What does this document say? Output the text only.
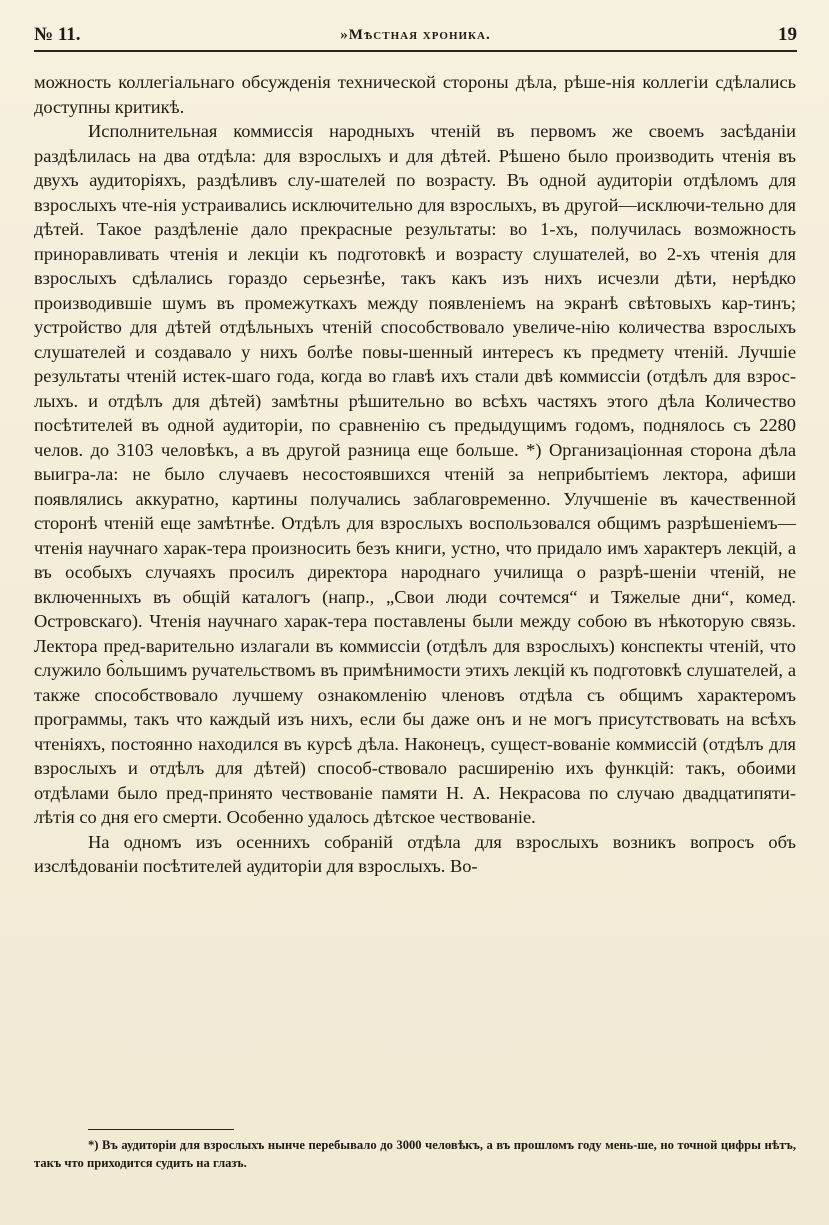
№ 11.	»Мѣстная хроника.	19

можность коллегіальнаго обсужденія технической стороны дѣла, рѣше-нія коллегіи сдѣлались доступны критикѣ.

Исполнительная коммиссія народныхъ чтеній въ первомъ же своемъ засѣданіи раздѣлилась на два отдѣла: для взрослыхъ и для дѣтей. Рѣшено было производить чтенія въ двухъ аудиторіяхъ, раздѣливъ слу-шателей по возрасту. Въ одной аудиторіи отдѣломъ для взрослыхъ чте-нія устраивались исключительно для взрослыхъ, въ другой—исключи-тельно для дѣтей. Такое раздѣленіе дало прекрасные результаты: во 1-хъ, получилась возможность приноравливать чтенія и лекціи къ подготовкѣ и возрасту слушателей, во 2-хъ чтенія для взрослыхъ сдѣлались гораздо серьезнѣе, такъ какъ изъ нихъ исчезли дѣти, нерѣдко производившіе шумъ въ промежуткахъ между появленіемъ на экранѣ свѣтовыхъ кар-тинъ; устройство для дѣтей отдѣльныхъ чтеній способствовало увеличе-нію количества взрослыхъ слушателей и создавало у нихъ болѣе повы-шенный интересъ къ предмету чтеній. Лучшіе результаты чтеній истек-шаго года, когда во главѣ ихъ стали двѣ коммиссіи (отдѣлъ для взрос-лыхъ. и отдѣлъ для дѣтей) замѣтны рѣшительно во всѣхъ частяхъ этого дѣла Количество посѣтителей въ одной аудиторіи, по сравненію съ предыдущимъ годомъ, поднялось съ 2280 челов. до 3103 человѣкъ, а въ другой разница еще больше. *) Организаціонная сторона дѣла выигра-ла: не было случаевъ несостоявшихся чтеній за неприбытіемъ лектора, афиши появлялись аккуратно, картины получались заблаговременно. Улучшеніе въ качественной сторонѣ чтеній еще замѣтнѣе. Отдѣлъ для взрослыхъ воспользовался общимъ разрѣшеніемъ—чтенія научнаго харак-тера произносить безъ книги, устно, что придало имъ характеръ лекцій, а въ особыхъ случаяхъ просилъ директора народнаго училища о разрѣ-шеніи чтеній, не включенныхъ въ общій каталогъ (напр., „Свои люди сочтемся“ и Тяжелые дни“, комед. Островскаго). Чтенія научнаго харак-тера поставлены были между собою въ нѣкоторую связь. Лектора пред-варительно излагали въ коммиссіи (отдѣлъ для взрослыхъ) конспекты чтеній, что служило бо̀льшимъ ручательствомъ въ примѣнимости этихъ лекцій къ подготовкѣ слушателей, а также способствовало лучшему ознакомленію членовъ отдѣла съ общимъ характеромъ программы, такъ что каждый изъ нихъ, если бы даже онъ и не могъ присутствовать на всѣхъ чтеніяхъ, постоянно находился въ курсѣ дѣла. Наконецъ, сущест-вованіе коммиссій (отдѣлъ для взрослыхъ и отдѣлъ для дѣтей) способ-ствовало расширенію ихъ функцій: такъ, обоими отдѣлами было пред-принято чествованіе памяти Н. А. Некрасова по случаю двадцатипяти-лѣтія со дня его смерти. Особенно удалось дѣтское чествованіе.

На одномъ изъ осеннихъ собраній отдѣла для взрослыхъ возникъ вопросъ объ изслѣдованіи посѣтителей аудиторіи для взрослыхъ. Во-

*) Въ аудиторіи для взрослыхъ нынче перебывало до 3000 человѣкъ, а въ прошломъ году мень-ше, но точной цифры нѣтъ, такъ что приходится судить на глазъ.
